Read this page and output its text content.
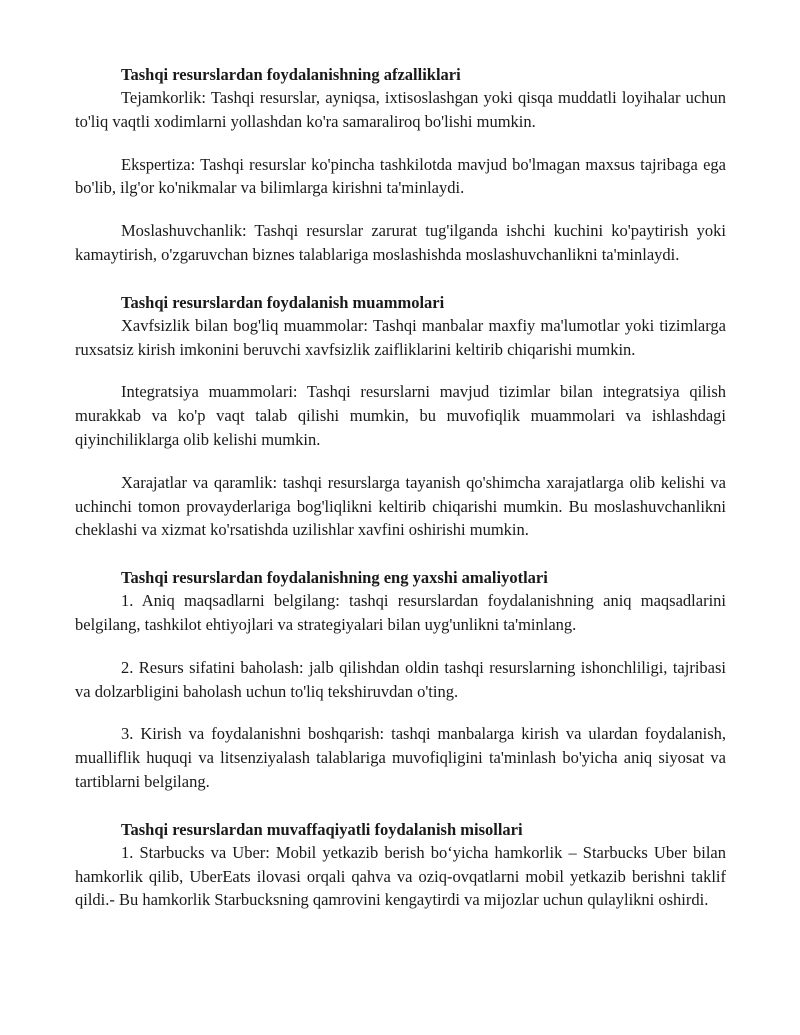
Tashqi resurslardan foydalanishning afzalliklari

Tejamkorlik: Tashqi resurslar, ayniqsa, ixtisoslashgan yoki qisqa muddatli loyihalar uchun to'liq vaqtli xodimlarni yollashdan ko'ra samaraliroq bo'lishi mumkin.

Ekspertiza: Tashqi resurslar ko'pincha tashkilotda mavjud bo'lmagan maxsus tajribaga ega bo'lib, ilg'or ko'nikmalar va bilimlarga kirishni ta'minlaydi.

Moslashuvchanlik: Tashqi resurslar zarurat tug'ilganda ishchi kuchini ko'paytirish yoki kamaytirish, o'zgaruvchan biznes talablariga moslashishda moslashuvchanlikni ta'minlaydi.

Tashqi resurslardan foydalanish muammolari

Xavfsizlik bilan bog'liq muammolar: Tashqi manbalar maxfiy ma'lumotlar yoki tizimlarga ruxsatsiz kirish imkonini beruvchi xavfsizlik zaifliklarini keltirib chiqarishi mumkin.

Integratsiya muammolari: Tashqi resurslarni mavjud tizimlar bilan integratsiya qilish murakkab va ko'p vaqt talab qilishi mumkin, bu muvofiqlik muammolari va ishlashdagi qiyinchiliklarga olib kelishi mumkin.

Xarajatlar va qaramlik: tashqi resurslarga tayanish qo'shimcha xarajatlarga olib kelishi va uchinchi tomon provayderlariga bog'liqlikni keltirib chiqarishi mumkin. Bu moslashuvchanlikni cheklashi va xizmat ko'rsatishda uzilishlar xavfini oshirishi mumkin.

Tashqi resurslardan foydalanishning eng yaxshi amaliyotlari

1. Aniq maqsadlarni belgilang: tashqi resurslardan foydalanishning aniq maqsadlarini belgilang, tashkilot ehtiyojlari va strategiyalari bilan uyg'unlikni ta'minlang.

2. Resurs sifatini baholash: jalb qilishdan oldin tashqi resurslarning ishonchliligi, tajribasi va dolzarbligini baholash uchun to'liq tekshiruvdan o'ting.

3. Kirish va foydalanishni boshqarish: tashqi manbalarga kirish va ulardan foydalanish, mualliflik huquqi va litsenziyalash talablariga muvofiqligini ta'minlash bo'yicha aniq siyosat va tartiblarni belgilang.

Tashqi resurslardan muvaffaqiyatli foydalanish misollari

1. Starbucks va Uber: Mobil yetkazib berish bo‘yicha hamkorlik – Starbucks Uber bilan hamkorlik qilib, UberEats ilovasi orqali qahva va oziq-ovqatlarni mobil yetkazib berishni taklif qildi.- Bu hamkorlik Starbucksning qamrovini kengaytirdi va mijozlar uchun qulaylikni oshirdi.
